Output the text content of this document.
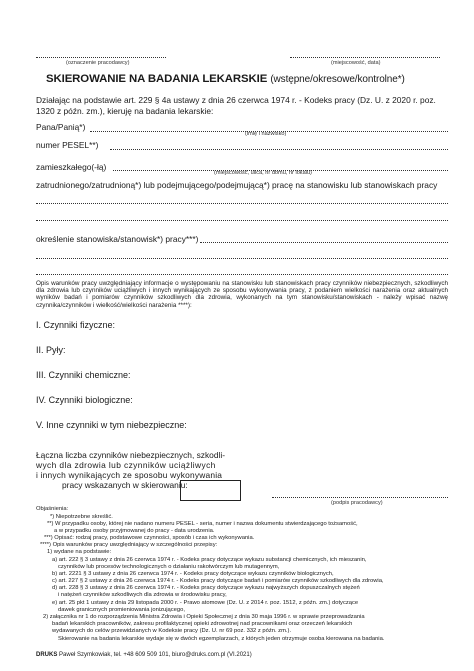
(oznaczenie pracodawcy)	(miejscowość, data)
SKIEROWANIE NA BADANIA LEKARSKIE (wstępne/okresowe/kontrolne*)
Działając na podstawie art. 229 § 4a ustawy z dnia 26 czerwca 1974 r. - Kodeks pracy (Dz. U. z 2020 r. poz.
1320 z późn. zm.), kieruję na badania lekarskie:
Pana/Panią*)
(imię i nazwisko)
numer PESEL**)
zamieszkałego(-łą)
(miejscowość, ulica, nr domu, nr lokalu)
zatrudnionego/zatrudnioną*) lub podejmującego/podejmującą*) pracę na stanowisku lub stanowiskach pracy
określenie stanowiska/stanowisk*) pracy***)
Opis warunków pracy uwzględniający informacje o występowaniu na stanowisku lub stanowiskach pracy czynników niebezpiecznych, szkodliwych dla zdrowia lub czynników uciążliwych i innych wynikających ze sposobu wykonywania pracy, z podaniem wielkości narażenia oraz aktualnych wyników badań i pomiarów czynników szkodliwych dla zdrowia, wykonanych na tym stanowisku/stanowiskach - należy wpisać nazwę czynnika/czynników i wielkość/wielkości narażenia ****):
I. Czynniki fizyczne:
II. Pyły:
III. Czynniki chemiczne:
IV. Czynniki biologiczne:
V. Inne czynniki w tym niebezpieczne:
Łączna liczba czynników niebezpiecznych, szkodli-
wych dla zdrowia lub czynników uciążliwych
i innych wynikających ze sposobu wykonywania
pracy wskazanych w skierowaniu:
(podpis pracodawcy)
Objaśnienia:
*) Niepotrzebne skreślić.
**) W przypadku osoby, której nie nadano numeru PESEL - seria, numer i nazwa dokumentu stwierdzającego tożsamość,
a w przypadku osoby przyjmowanej do pracy - data urodzenia.
***) Opisać: rodzaj pracy, podstawowe czynności, sposób i czas ich wykonywania.
****) Opis warunków pracy uwzględniający w szczególności przepisy:
1) wydane na podstawie:
a) art. 222 § 3 ustawy z dnia 26 czerwca 1974 r. - Kodeks pracy dotyczące wykazu substancji chemicznych, ich mieszanin,
czynników lub procesów technologicznych o działaniu rakotwórczym lub mutagennym,
b) art. 2221 § 3 ustawy z dnia 26 czerwca 1974 r. - Kodeks pracy dotyczące wykazu czynników biologicznych,
c) art. 227 § 2 ustawy z dnia 26 czerwca 1974 r. - Kodeks pracy dotyczące badań i pomiarów czynników szkodliwych dla zdrowia,
d) art. 228 § 3 ustawy z dnia 26 czerwca 1974 r. - Kodeks pracy dotyczące wykazu najwyższych dopuszczalnych stężeń
i natężeń czynników szkodliwych dla zdrowia w środowisku pracy,
e) art. 25 pkt 1 ustawy z dnia 29 listopada 2000 r. - Prawo atomowe (Dz. U. z 2014 r. poz. 1512, z późn. zm.) dotyczące
dawek granicznych promieniowania jonizującego,
2) załącznika nr 1 do rozporządzenia Ministra Zdrowia i Opieki Społecznej z dnia 30 maja 1996 r. w sprawie przeprowadzania
badań lekarskich pracowników, zakresu profilaktycznej opieki zdrowotnej nad pracownikami oraz orzeczeń lekarskich
wydawanych do celów przewidzianych w Kodeksie pracy (Dz. U. nr 69 poz. 332 z późn. zm.).
Skierowanie na badania lekarskie wydaje się w dwóch egzemplarzach, z których jeden otrzymuje osoba kierowana na badania.
DRUKS Paweł Szymkowiak, tel. +48 609 509 101, biuro@druks.com.pl (VI.2021)
